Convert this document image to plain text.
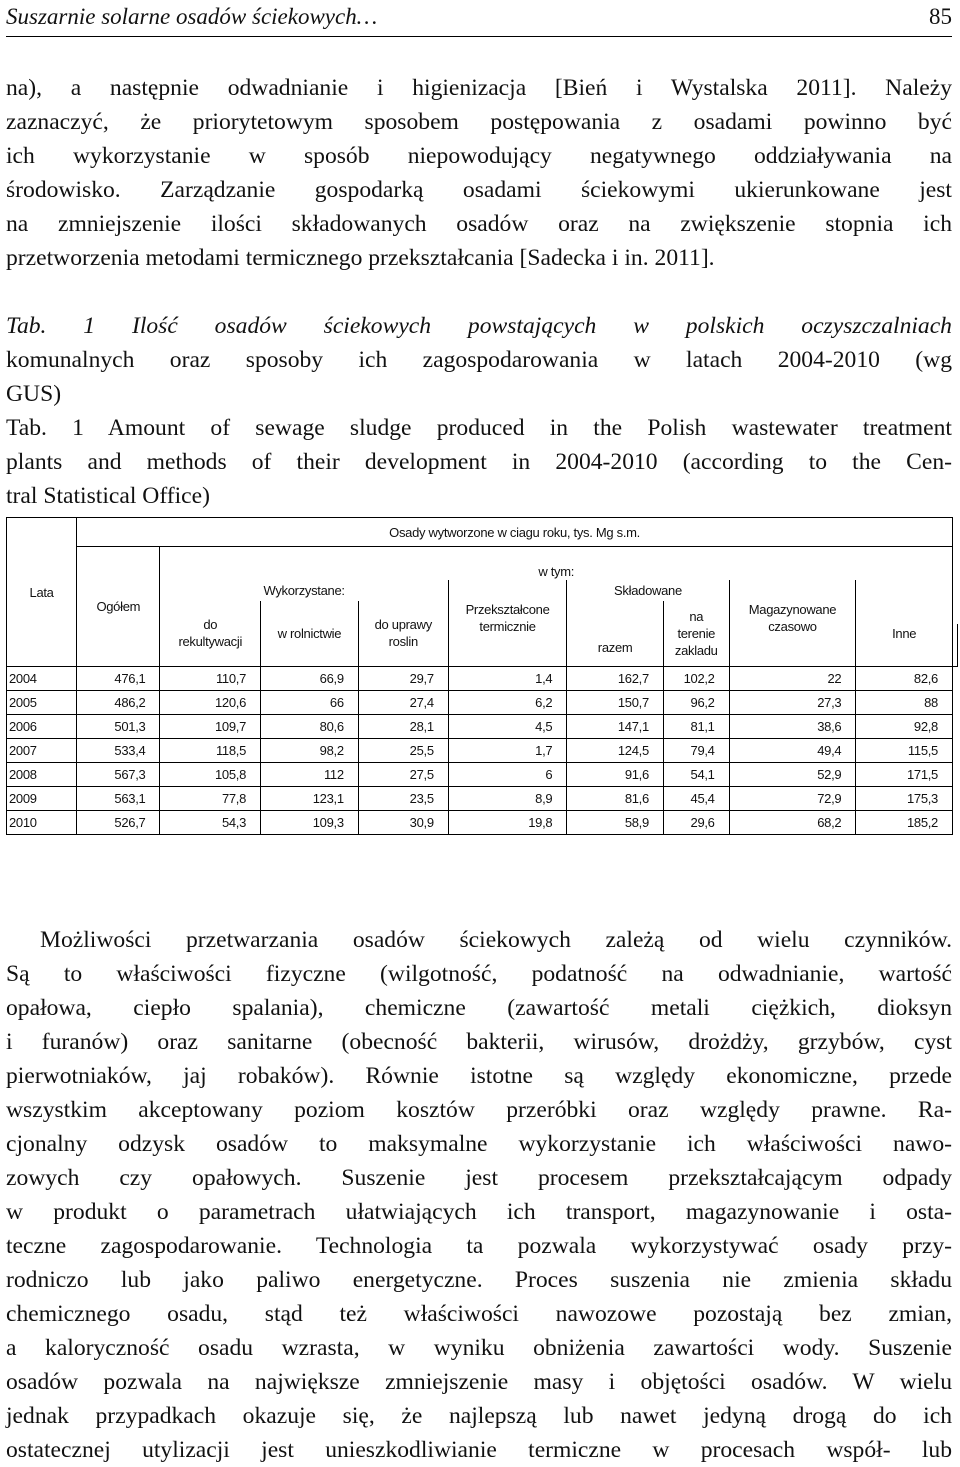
Suszarnie solarne osadów ściekowych…	85
na), a następnie odwadnianie i higienizacja [Bień i Wystalska 2011]. Należy
zaznaczyć, że priorytetowym sposobem postępowania z osadami powinno być
ich wykorzystanie w sposób niepowodujący negatywnego oddziaływania na
środowisko. Zarządzanie gospodarką osadami ściekowymi ukierunkowane jest
na zmniejszenie ilości składowanych osadów oraz na zwiększenie stopnia ich
przetworzenia metodami termicznego przekształcania [Sadecka i in. 2011].
Tab. 1 Ilość osadów ściekowych powstających w polskich oczyszczalniach
komunalnych oraz sposoby ich zagospodarowania w latach 2004-2010 (wg
GUS)
Tab. 1 Amount of sewage sludge produced in the Polish wastewater treatment
plants and methods of their development in 2004-2010 (according to the Cen-
tral Statistical Office)
Lata	Osady wytworzone w ciagu roku, tys. Mg s.m.									
	Ogółem	w tym:								
		Wykorzystane:				Składowane				
		do rekultywacji	w rolnictwie	do uprawy roslin	Przekształcone termicznie	razem	na terenie zakladu	Magazynowane czasowo	Inne	

2004	476,1	110,7	66,9	29,7	1,4	162,7	102,2	22	82,6	
2005	486,2	120,6	66	27,4	6,2	150,7	96,2	27,3	88	
2006	501,3	109,7	80,6	28,1	4,5	147,1	81,1	38,6	92,8	
2007	533,4	118,5	98,2	25,5	1,7	124,5	79,4	49,4	115,5	
2008	567,3	105,8	112	27,5	6	91,6	54,1	52,9	171,5	
2009	563,1	77,8	123,1	23,5	8,9	81,6	45,4	72,9	175,3	
2010	526,7	54,3	109,3	30,9	19,8	58,9	29,6	68,2	185,2	
Możliwości przetwarzania osadów ściekowych zależą od wielu czynników.
Są to właściwości fizyczne (wilgotność, podatność na odwadnianie, wartość
opałowa, ciepło spalania), chemiczne (zawartość metali ciężkich, dioksyn
i furanów) oraz sanitarne (obecność bakterii, wirusów, drożdży, grzybów, cyst
pierwotniaków, jaj robaków). Równie istotne są względy ekonomiczne, przede
wszystkim akceptowany poziom kosztów przeróbki oraz względy prawne. Ra-
cjonalny odzysk osadów to maksymalne wykorzystanie ich właściwości nawo-
zowych czy opałowych. Suszenie jest procesem przekształcającym odpady
w produkt o parametrach ułatwiających ich transport, magazynowanie i osta-
teczne zagospodarowanie. Technologia ta pozwala wykorzystywać osady przy-
rodniczo lub jako paliwo energetyczne. Proces suszenia nie zmienia składu
chemicznego osadu, stąd też właściwości nawozowe pozostają bez zmian,
a kaloryczność osadu wzrasta, w wyniku obniżenia zawartości wody. Suszenie
osadów pozwala na największe zmniejszenie masy i objętości osadów. W wielu
jednak przypadkach okazuje się, że najlepszą lub nawet jedyną drogą do ich
ostatecznej utylizacji jest unieszkodliwianie termiczne w procesach współ- lub
